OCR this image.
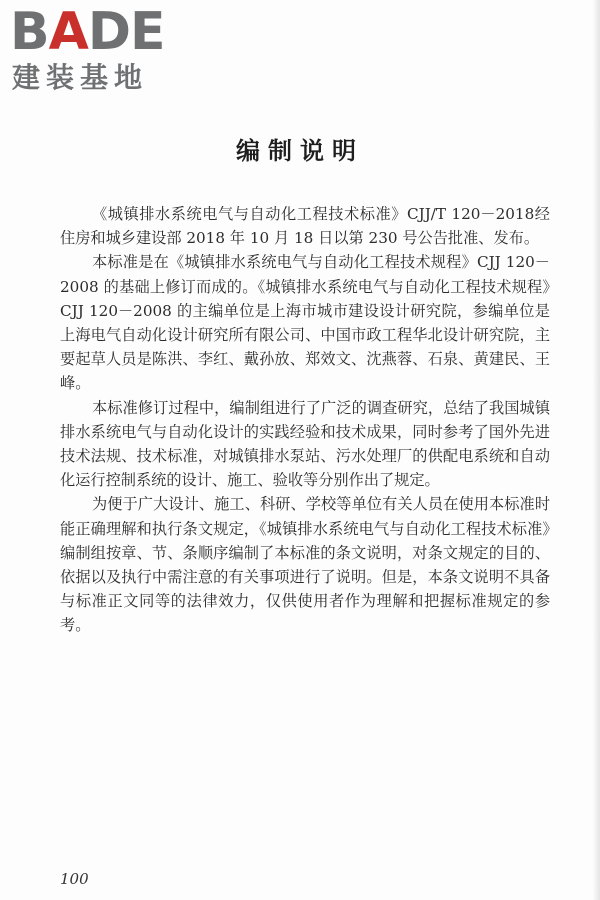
BADE
建装基地
编制说明

《城镇排水系统电气与自动化工程技术标准》CJJ/T 120－2018经住房和城乡建设部 2018 年 10 月 18 日以第 230 号公告批准、发布。

本标准是在《城镇排水系统电气与自动化工程技术规程》CJJ 120－2008 的基础上修订而成的。《城镇排水系统电气与自动化工程技术规程》CJJ 120－2008 的主编单位是上海市城市建设设计研究院，参编单位是上海电气自动化设计研究所有限公司、中国市政工程华北设计研究院，主要起草人员是陈洪、李红、戴孙放、郑效文、沈燕蓉、石泉、黄建民、王峰。

本标准修订过程中，编制组进行了广泛的调查研究，总结了我国城镇排水系统电气与自动化设计的实践经验和技术成果，同时参考了国外先进技术法规、技术标准，对城镇排水泵站、污水处理厂的供配电系统和自动化运行控制系统的设计、施工、验收等分别作出了规定。

为便于广大设计、施工、科研、学校等单位有关人员在使用本标准时能正确理解和执行条文规定，《城镇排水系统电气与自动化工程技术标准》编制组按章、节、条顺序编制了本标准的条文说明，对条文规定的目的、依据以及执行中需注意的有关事项进行了说明。但是，本条文说明不具备与标准正文同等的法律效力，仅供使用者作为理解和把握标准规定的参考。

100
